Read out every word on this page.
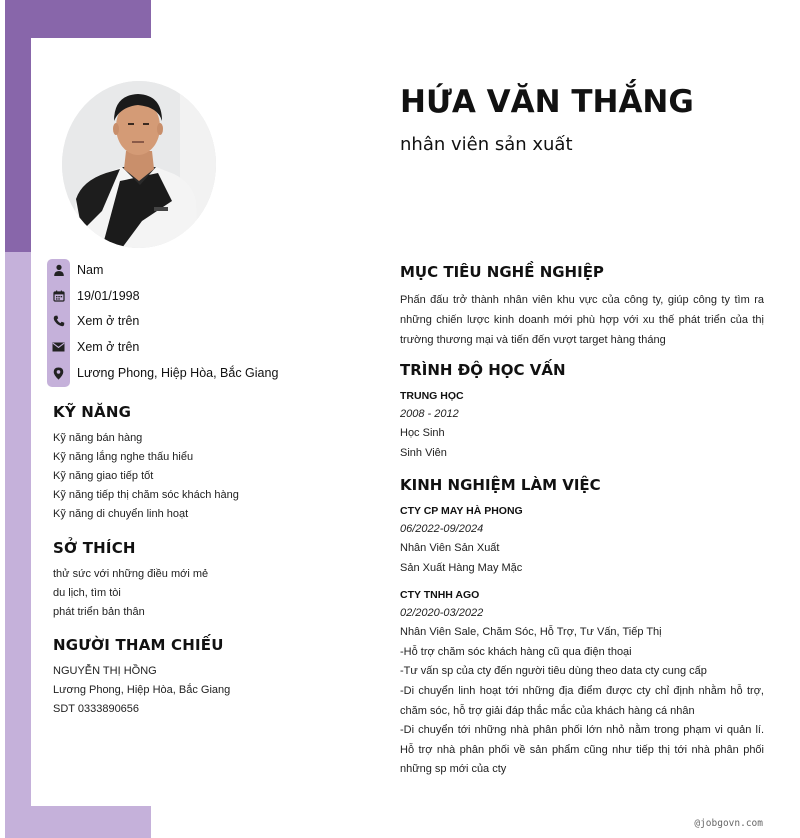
Nam
19/01/1998
Xem ở trên
Xem ở trên
Lương Phong, Hiệp Hòa, Bắc Giang
KỸ NĂNG
Kỹ năng bán hàng
Kỹ năng lắng nghe thấu hiểu
Kỹ năng giao tiếp tốt
Kỹ năng tiếp thị chăm sóc khách hàng
Kỹ năng di chuyển linh hoạt
SỞ THÍCH
thử sức với những điều mới mẻ
du lịch, tìm tòi
phát triển bản thân
NGƯỜI THAM CHIẾU
NGUYỄN THỊ HỒNG
Lương Phong, Hiệp Hòa, Bắc Giang
SDT 0333890656
HỨA VĂN THẮNG
nhân viên sản xuất
MỤC TIÊU NGHỀ NGHIỆP
Phấn đấu trở thành nhân viên khu vực của công ty, giúp công ty tìm ra những chiến lược kinh doanh mới phù hợp với xu thế phát triển của thị trường thương mại và tiến đến vượt target hàng tháng
TRÌNH ĐỘ HỌC VẤN
TRUNG HỌC
2008 - 2012
Học Sinh
Sinh Viên
KINH NGHIỆM LÀM VIỆC
CTY CP MAY HÀ PHONG
06/2022-09/2024
Nhân Viên Sản Xuất
Sản Xuất Hàng May Mặc
CTY TNHH AGO
02/2020-03/2022
Nhân Viên Sale, Chăm Sóc, Hỗ Trợ, Tư Vấn, Tiếp Thị
-Hỗ trợ chăm sóc khách hàng cũ qua điện thoại
-Tư vấn sp của cty đến người tiêu dùng theo data cty cung cấp
-Di chuyển linh hoạt tới những địa điểm được cty chỉ định nhằm hỗ trợ, chăm sóc, hỗ trợ giải đáp thắc mắc của khách hàng cá nhân
-Di chuyển tới những nhà phân phối lớn nhỏ nằm trong phạm vi quản lí. Hỗ trợ nhà phân phối về sản phẩm cũng như tiếp thị tới nhà phân phối những sp mới của cty
@jobgovn.com
